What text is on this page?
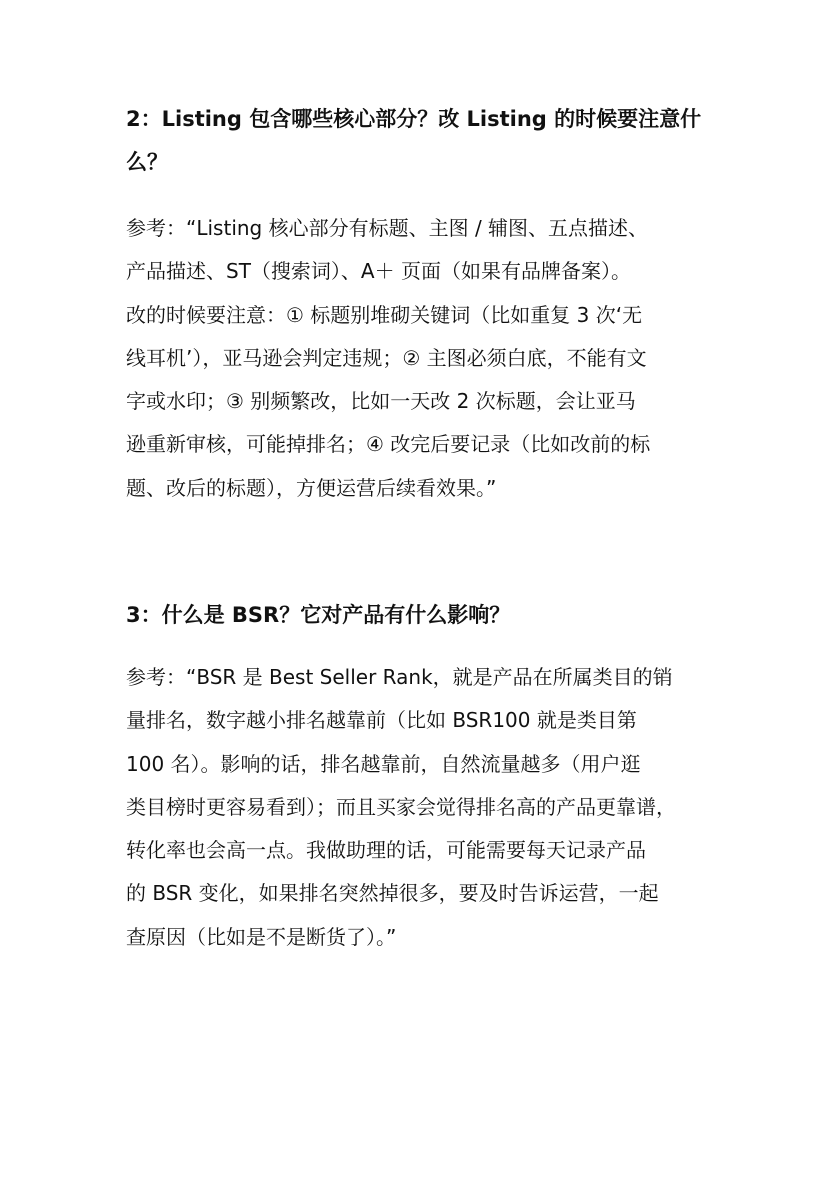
2：Listing 包含哪些核心部分？改 Listing 的时候要注意什
么？
参考：“Listing 核心部分有标题、主图 / 辅图、五点描述、
产品描述、ST（搜索词）、A＋ 页面（如果有品牌备案）。
改的时候要注意：① 标题别堆砌关键词（比如重复 3 次‘无
线耳机’），亚马逊会判定违规；② 主图必须白底，不能有文
字或水印；③ 别频繁改，比如一天改 2 次标题，会让亚马
逊重新审核，可能掉排名；④ 改完后要记录（比如改前的标
题、改后的标题），方便运营后续看效果。”
3：什么是 BSR？它对产品有什么影响？
参考：“BSR 是 Best Seller Rank，就是产品在所属类目的销
量排名，数字越小排名越靠前（比如 BSR100 就是类目第
100 名）。影响的话，排名越靠前，自然流量越多（用户逛
类目榜时更容易看到）；而且买家会觉得排名高的产品更靠谱，
转化率也会高一点。我做助理的话，可能需要每天记录产品
的 BSR 变化，如果排名突然掉很多，要及时告诉运营，一起
查原因（比如是不是断货了）。”
